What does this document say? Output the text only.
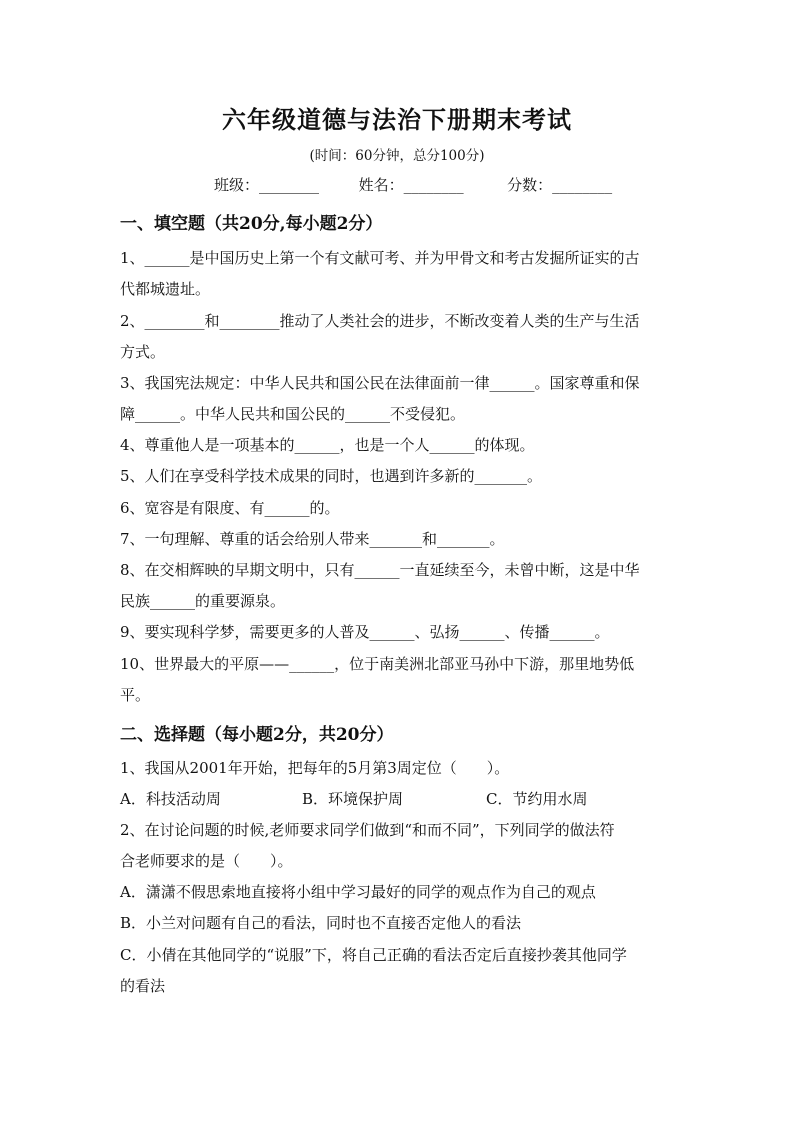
六年级道德与法治下册期末考试
(时间：60分钟，总分100分)
班级：________	姓名：________	分数：________
一、填空题（共20分,每小题2分）
1、______是中国历史上第一个有文献可考、并为甲骨文和考古发掘所证实的古
代都城遗址。
2、________和________推动了人类社会的进步，不断改变着人类的生产与生活
方式。
3、我国宪法规定：中华人民共和国公民在法律面前一律______。国家尊重和保
障______。中华人民共和国公民的______不受侵犯。
4、尊重他人是一项基本的______，也是一个人______的体现。
5、人们在享受科学技术成果的同时，也遇到许多新的_______。
6、宽容是有限度、有______的。
7、一句理解、尊重的话会给别人带来_______和_______。
8、在交相辉映的早期文明中，只有______一直延续至今，未曾中断，这是中华
民族______的重要源泉。
9、要实现科学梦，需要更多的人普及______、弘扬______、传播______。
10、世界最大的平原——______，位于南美洲北部亚马孙中下游，那里地势低
平。
二、选择题（每小题2分，共20分）
1、我国从2001年开始，把每年的5月第3周定位（　　）。
A．科技活动周	B．环境保护周	C．节约用水周
2、在讨论问题的时候,老师要求同学们做到“和而不同”，下列同学的做法符
合老师要求的是（　　）。
A．潇潇不假思索地直接将小组中学习最好的同学的观点作为自己的观点
B．小兰对问题有自己的看法，同时也不直接否定他人的看法
C．小倩在其他同学的“说服”下，将自己正确的看法否定后直接抄袭其他同学
的看法
